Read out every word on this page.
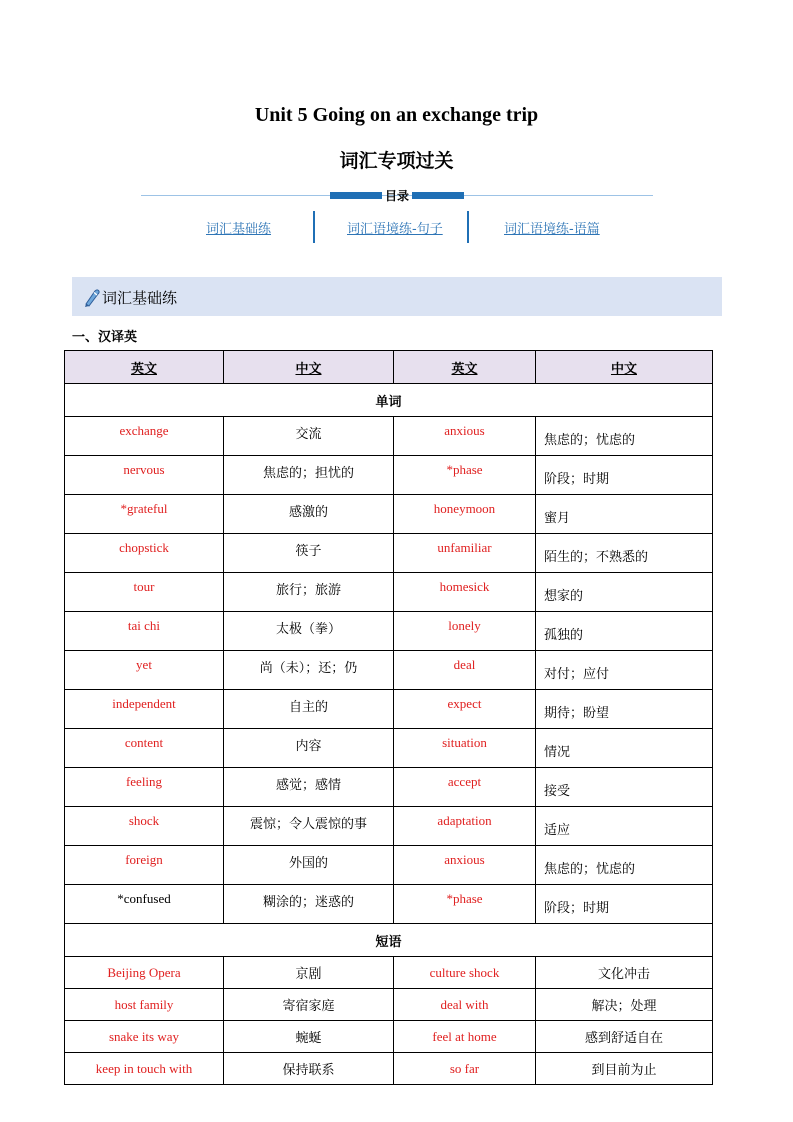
Unit 5 Going on an exchange trip
词汇专项过关
目录
词汇基础练	词汇语境练-句子	词汇语境练-语篇
词汇基础练
一、汉译英
英文	中文	英文	中文
单词			
exchange	交流	anxious	焦虑的；忧虑的
nervous	焦虑的；担忧的	*phase	阶段；时期
*grateful	感激的	honeymoon	蜜月
chopstick	筷子	unfamiliar	陌生的；不熟悉的
tour	旅行；旅游	homesick	想家的
tai chi	太极（拳）	lonely	孤独的
yet	尚（未）；还；仍	deal	对付；应付
independent	自主的	expect	期待；盼望
content	内容	situation	情况
feeling	感觉；感情	accept	接受
shock	震惊；令人震惊的事	adaptation	适应
foreign	外国的	anxious	焦虑的；忧虑的
*confused	糊涂的；迷惑的	*phase	阶段；时期
短语			
Beijing Opera	京剧	culture shock	文化冲击
host family	寄宿家庭	deal with	解决；处理
snake its way	蜿蜒	feel at home	感到舒适自在
keep in touch with	保持联系	so far	到目前为止
